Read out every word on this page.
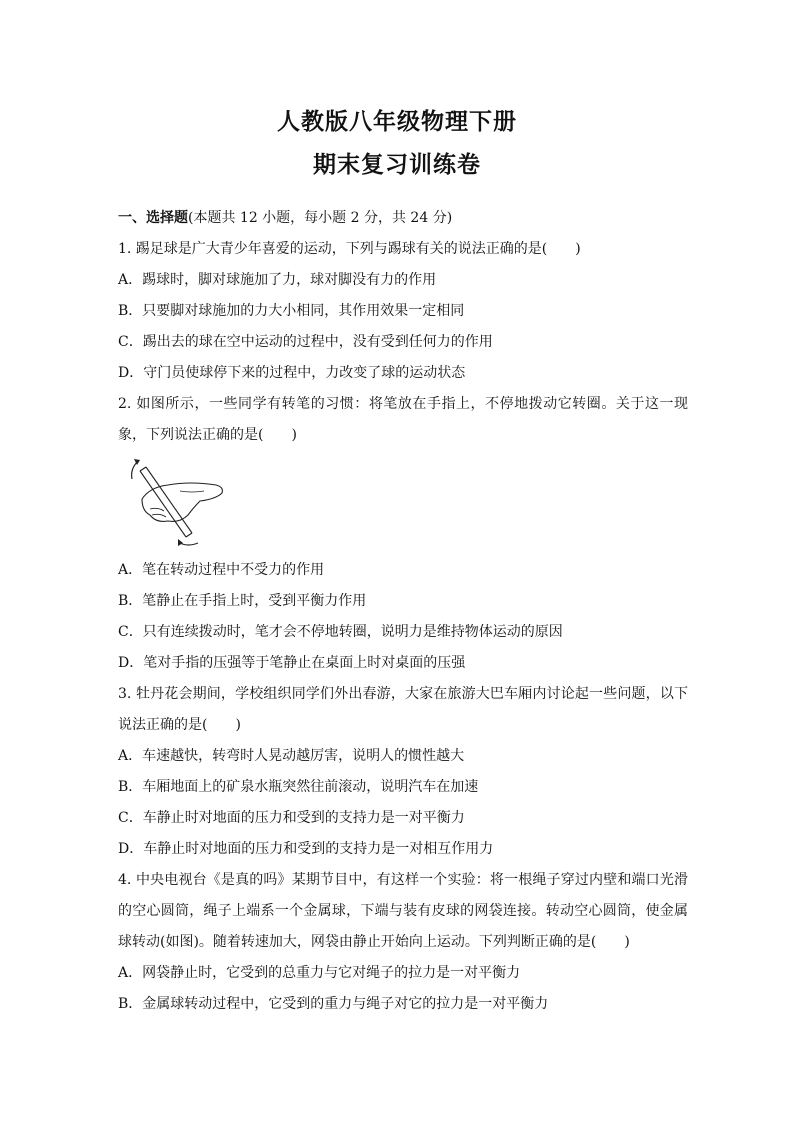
人教版八年级物理下册
期末复习训练卷
一、选择题(本题共 12 小题，每小题 2 分，共 24 分)
1. 踢足球是广大青少年喜爱的运动，下列与踢球有关的说法正确的是(　　)
A．踢球时，脚对球施加了力，球对脚没有力的作用
B．只要脚对球施加的力大小相同，其作用效果一定相同
C．踢出去的球在空中运动的过程中，没有受到任何力的作用
D．守门员使球停下来的过程中，力改变了球的运动状态
2. 如图所示，一些同学有转笔的习惯：将笔放在手指上，不停地拨动它转圈。关于这一现象，下列说法正确的是(　　)
A．笔在转动过程中不受力的作用
B．笔静止在手指上时，受到平衡力作用
C．只有连续拨动时，笔才会不停地转圈，说明力是维持物体运动的原因
D．笔对手指的压强等于笔静止在桌面上时对桌面的压强
3. 牡丹花会期间，学校组织同学们外出春游，大家在旅游大巴车厢内讨论起一些问题，以下说法正确的是(　　)
A．车速越快，转弯时人晃动越厉害，说明人的惯性越大
B．车厢地面上的矿泉水瓶突然往前滚动，说明汽车在加速
C．车静止时对地面的压力和受到的支持力是一对平衡力
D．车静止时对地面的压力和受到的支持力是一对相互作用力
4. 中央电视台《是真的吗》某期节目中，有这样一个实验：将一根绳子穿过内壁和端口光滑的空心圆筒，绳子上端系一个金属球，下端与装有皮球的网袋连接。转动空心圆筒，使金属球转动(如图)。随着转速加大，网袋由静止开始向上运动。下列判断正确的是(　　)
A．网袋静止时，它受到的总重力与它对绳子的拉力是一对平衡力
B．金属球转动过程中，它受到的重力与绳子对它的拉力是一对平衡力
